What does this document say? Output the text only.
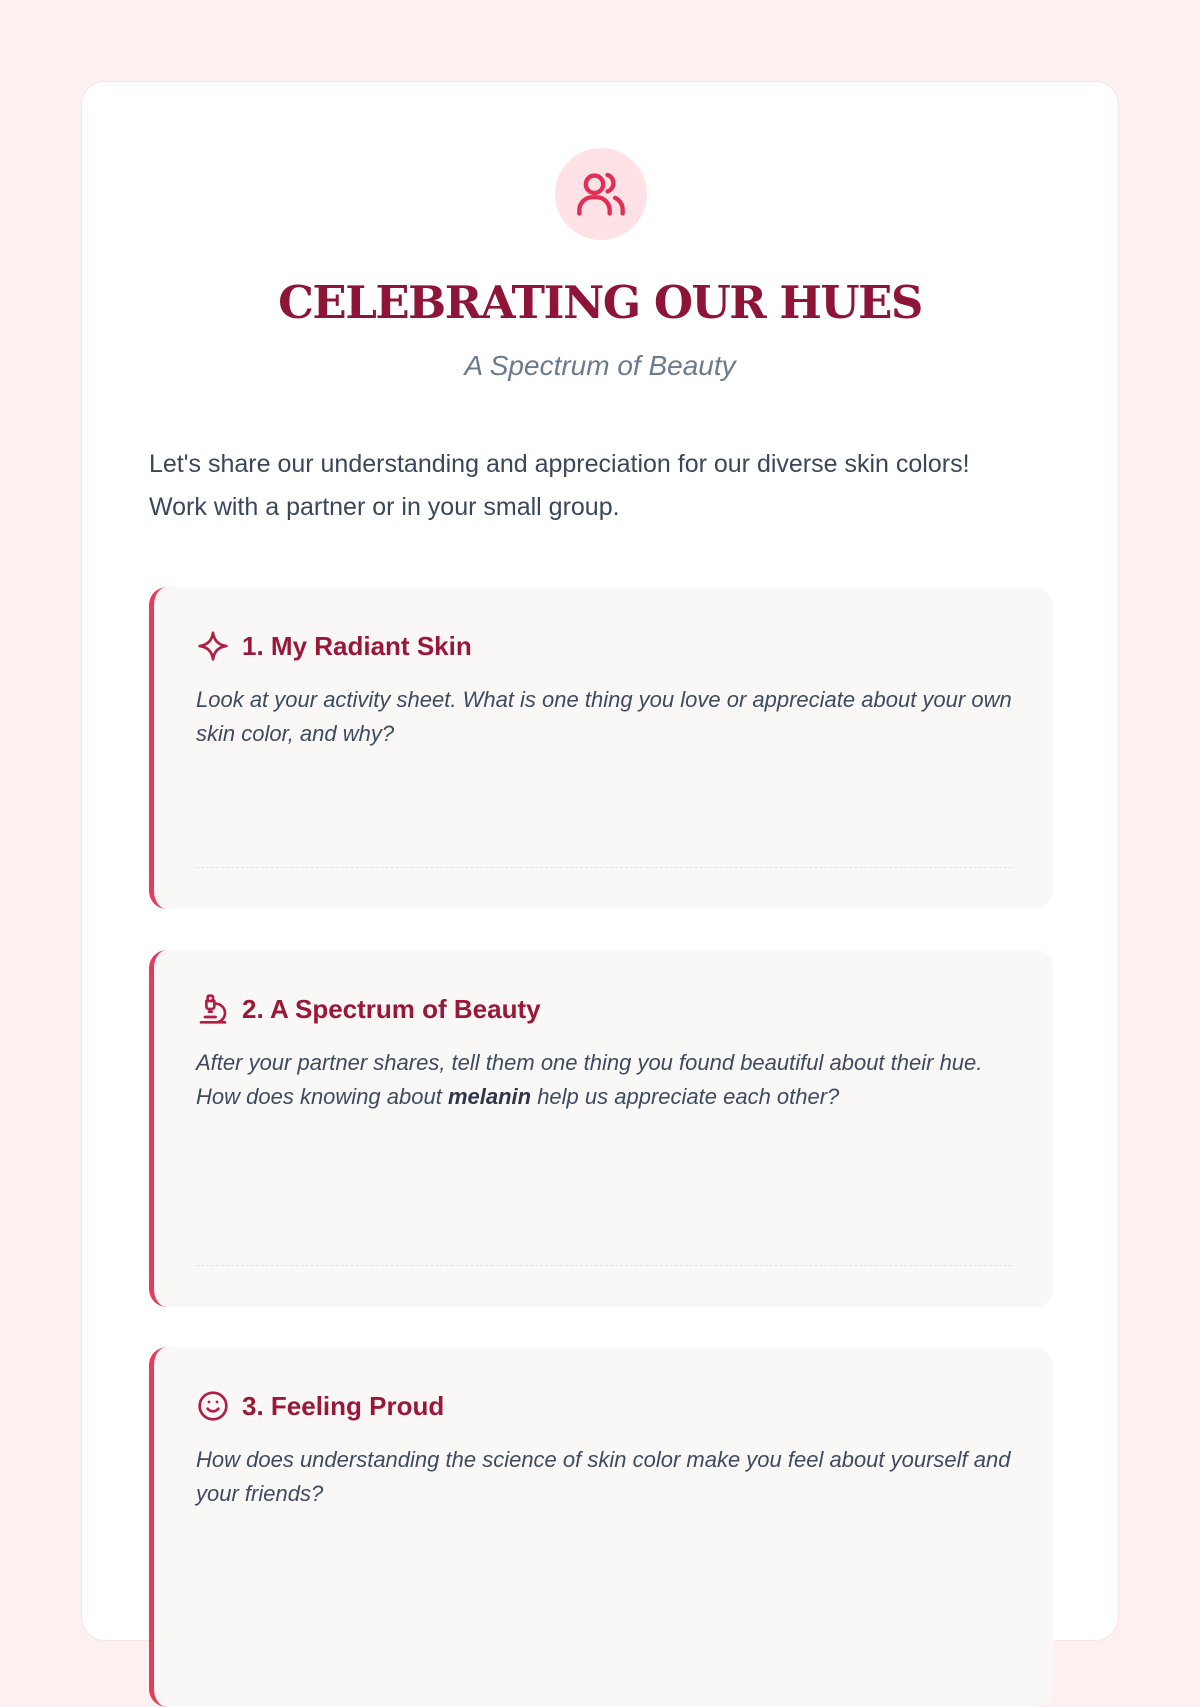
CELEBRATING OUR HUES
A Spectrum of Beauty

Let's share our understanding and appreciation for our diverse skin colors! Work with a partner or in your small group.

1. My Radiant Skin

Look at your activity sheet. What is one thing you love or appreciate about your own skin color, and why?

2. A Spectrum of Beauty

After your partner shares, tell them one thing you found beautiful about their hue. How does knowing about melanin help us appreciate each other?

3. Feeling Proud

How does understanding the science of skin color make you feel about yourself and your friends?
